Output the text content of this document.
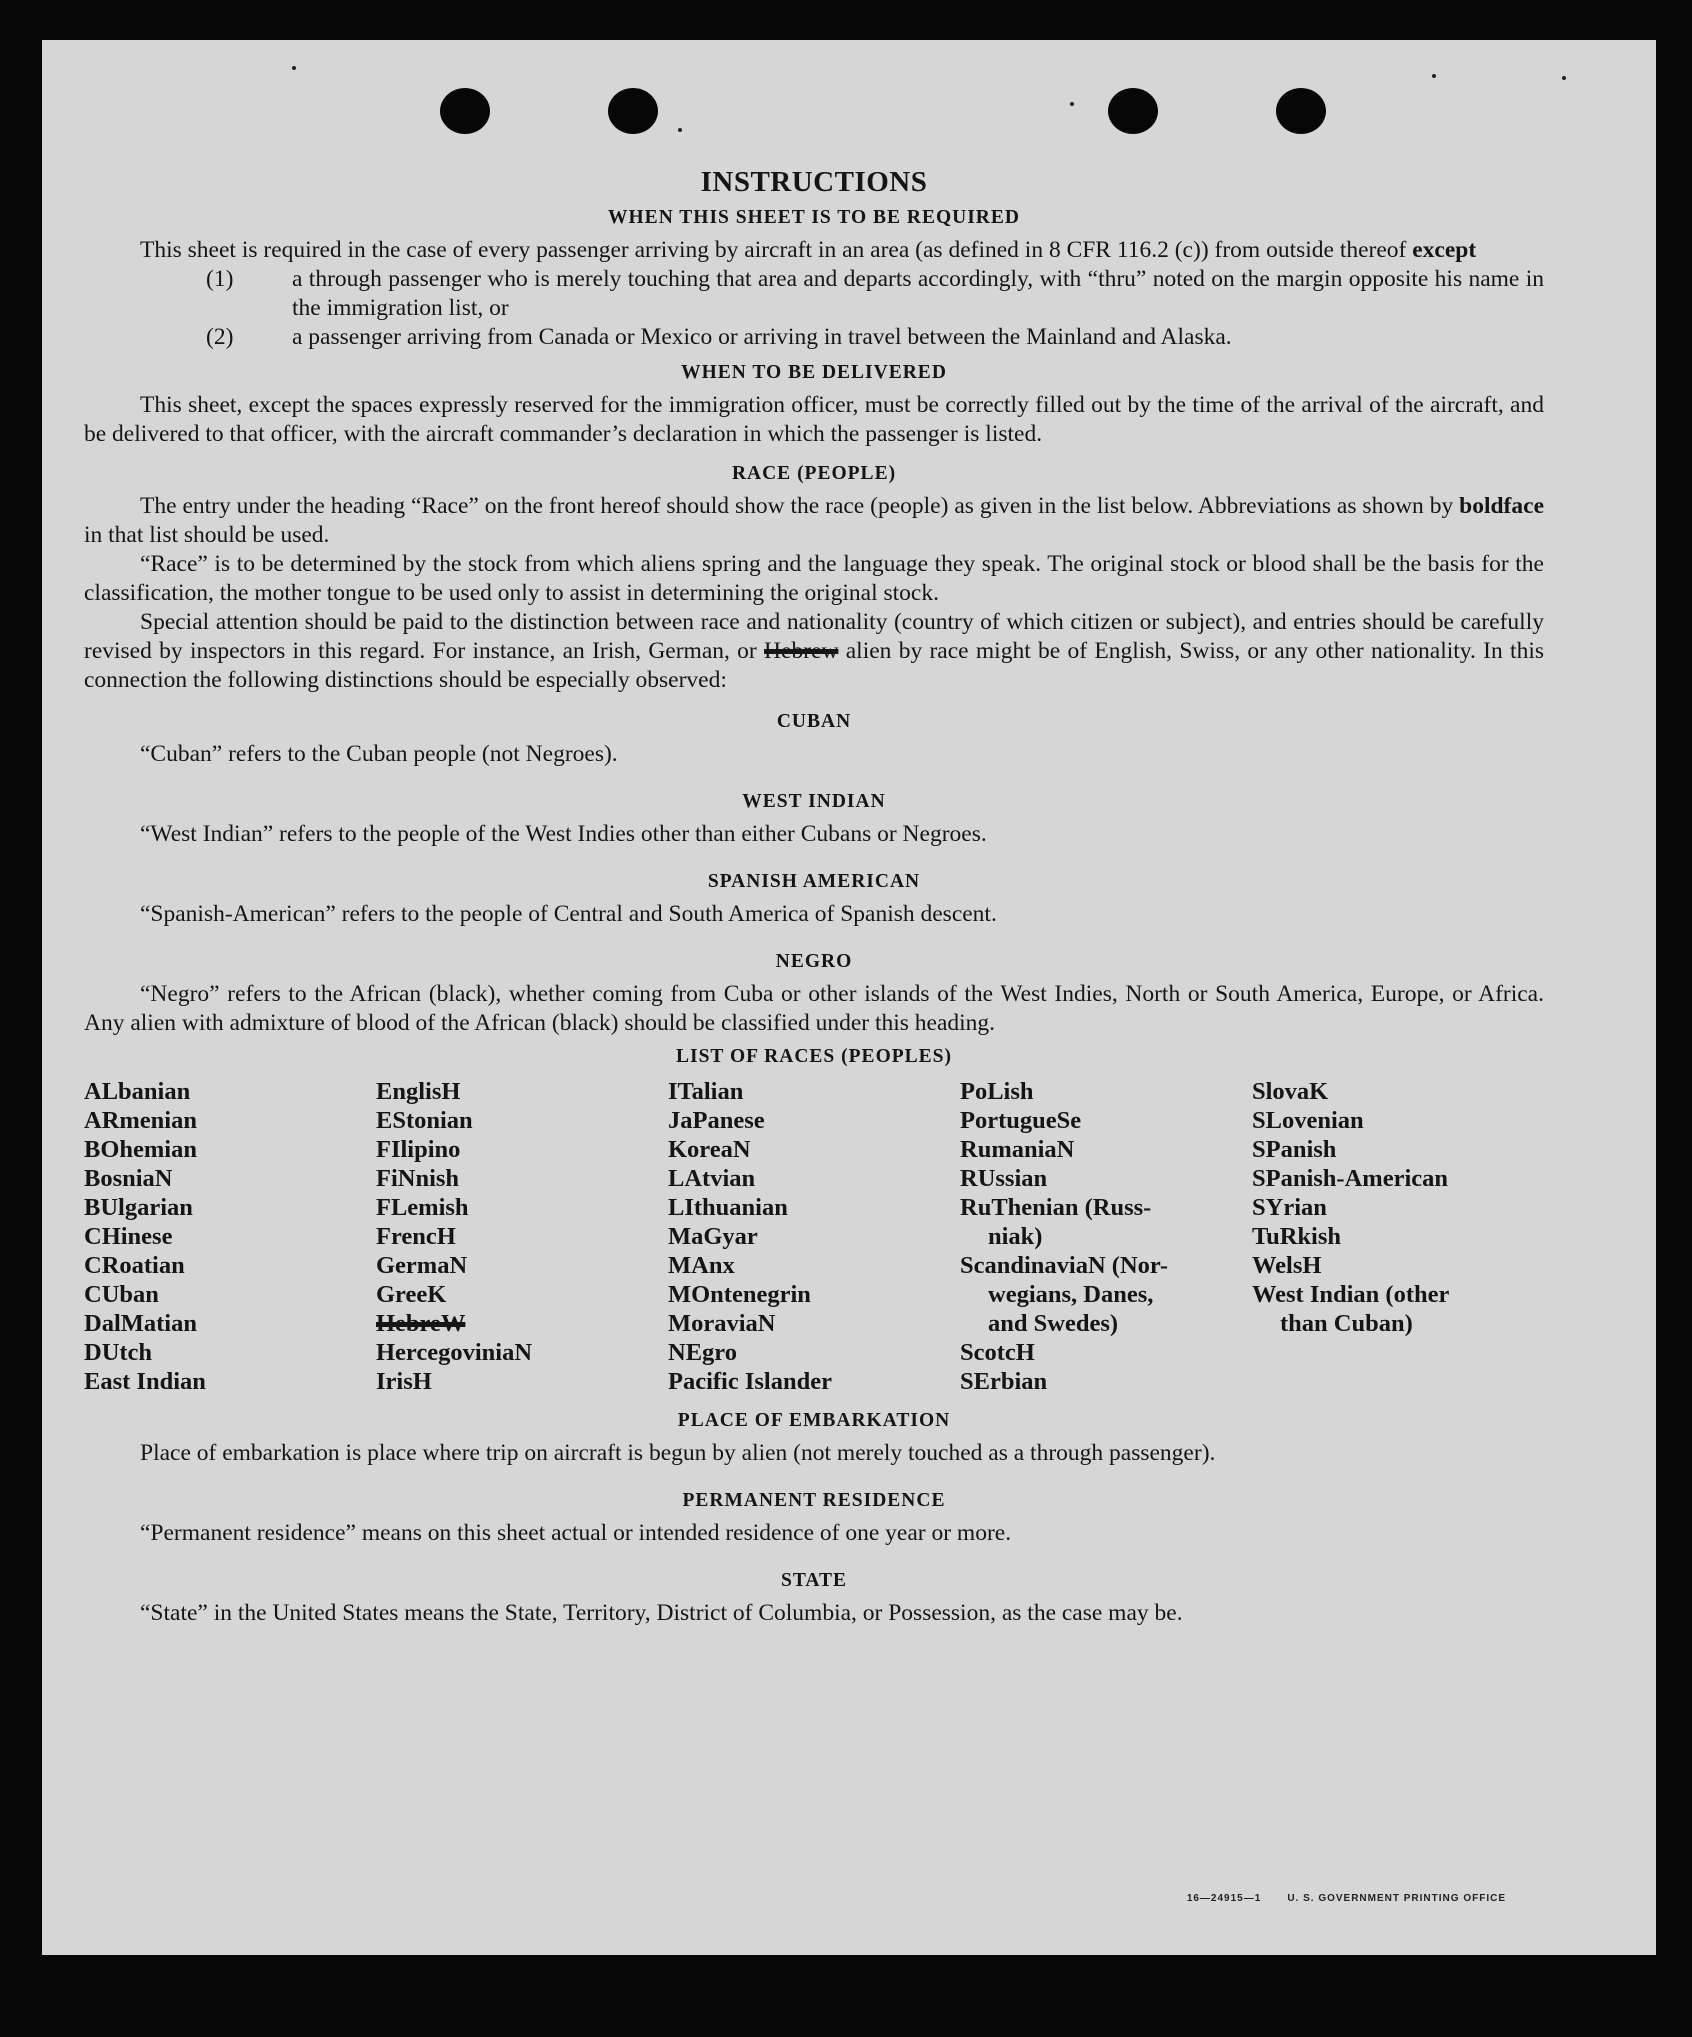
INSTRUCTIONS
WHEN THIS SHEET IS TO BE REQUIRED

This sheet is required in the case of every passenger arriving by aircraft in an area (as defined in 8 CFR 116.2 (c)) from outside thereof except

(1) a through passenger who is merely touching that area and departs accordingly, with “thru” noted on the margin opposite his name in the immigration list, or
(2) a passenger arriving from Canada or Mexico or arriving in travel between the Mainland and Alaska.
WHEN TO BE DELIVERED

This sheet, except the spaces expressly reserved for the immigration officer, must be correctly filled out by the time of the arrival of the aircraft, and be delivered to that officer, with the aircraft commander’s declaration in which the passenger is listed.

RACE (PEOPLE)

The entry under the heading “Race” on the front hereof should show the race (people) as given in the list below. Abbreviations as shown by boldface in that list should be used.

“Race” is to be determined by the stock from which aliens spring and the language they speak. The original stock or blood shall be the basis for the classification, the mother tongue to be used only to assist in determining the original stock.

Special attention should be paid to the distinction between race and nationality (country of which citizen or subject), and entries should be carefully revised by inspectors in this regard. For instance, an Irish, German, or Hebrew alien by race might be of English, Swiss, or any other nationality. In this connection the following distinctions should be especially observed:

CUBAN

“Cuban” refers to the Cuban people (not Negroes).

WEST INDIAN

“West Indian” refers to the people of the West Indies other than either Cubans or Negroes.

SPANISH AMERICAN

“Spanish-American” refers to the people of Central and South America of Spanish descent.

NEGRO

“Negro” refers to the African (black), whether coming from Cuba or other islands of the West Indies, North or South America, Europe, or Africa. Any alien with admixture of blood of the African (black) should be classified under this heading.

LIST OF RACES (PEOPLES)
ALbanian
ARmenian
BOhemian
BosniaN
BUlgarian
CHinese
CRoatian
CUban
DalMatian
DUtch
East Indian
EnglisH
EStonian
FIlipino
FiNnish
FLemish
FrencH
GermaN
GreeK
HebreW
HercegoviniaN
IrisH
ITalian
JaPanese
KoreaN
LAtvian
LIthuanian
MaGyar
MAnx
MOntenegrin
MoraviaN
NEgro
Pacific Islander
PoLish
PortugueSe
RumaniaN
RUssian
RuThenian (Russ-
niak)
ScandinaviaN (Nor-
wegians, Danes,
and Swedes)
ScotcH
SErbian
SlovaK
SLovenian
SPanish
SPanish-American
SYrian
TuRkish
WelsH
West Indian (other
than Cuban)
PLACE OF EMBARKATION

Place of embarkation is place where trip on aircraft is begun by alien (not merely touched as a through passenger).

PERMANENT RESIDENCE

“Permanent residence” means on this sheet actual or intended residence of one year or more.

STATE

“State” in the United States means the State, Territory, District of Columbia, or Possession, as the case may be.

16—24915—1	U. S. GOVERNMENT PRINTING OFFICE
